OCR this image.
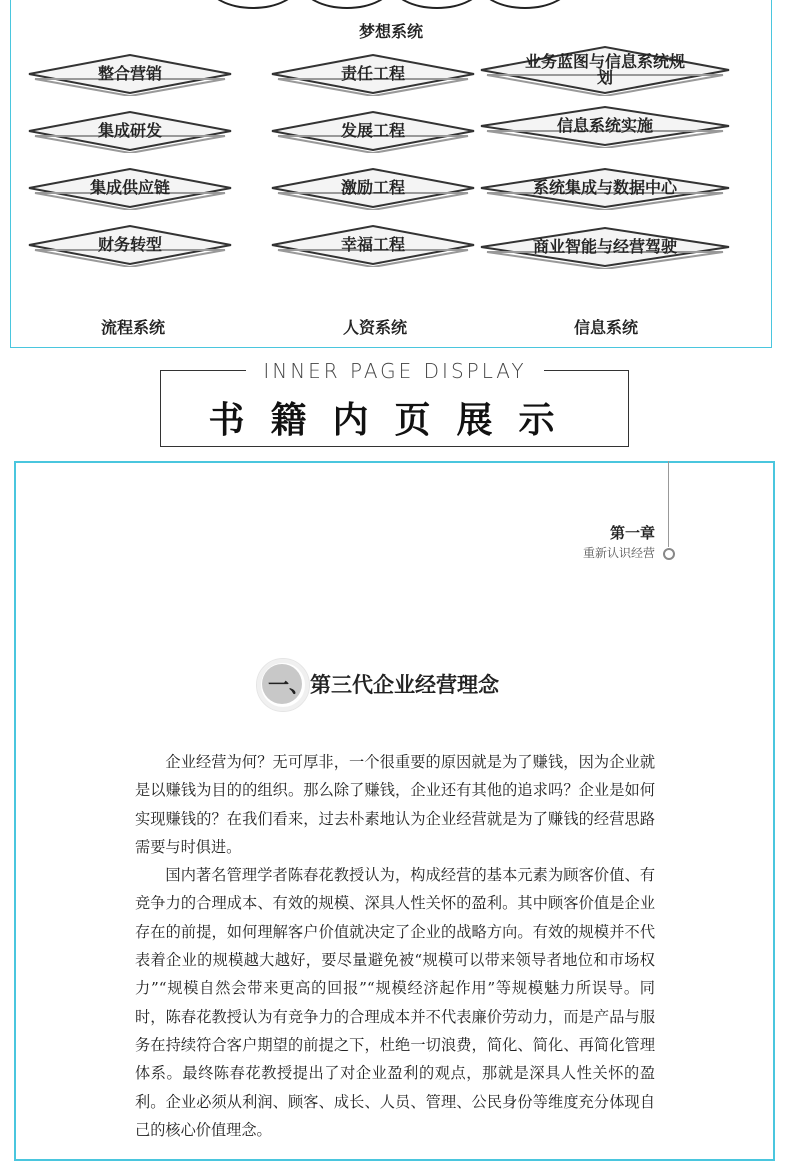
梦想系统
整合营销
集成研发
集成供应链
财务转型
责任工程
发展工程
激励工程
幸福工程
业务蓝图与信息系统规划
信息系统实施
系统集成与数据中心
商业智能与经营驾驶
流程系统	人资系统	信息系统
INNER PAGE DISPLAY
书籍内页展示
第一章
重新认识经营
一、第三代企业经营理念

企业经营为何？无可厚非，一个很重要的原因就是为了赚钱，因为企业就是以赚钱为目的的组织。那么除了赚钱，企业还有其他的追求吗？企业是如何实现赚钱的？在我们看来，过去朴素地认为企业经营就是为了赚钱的经营思路需要与时俱进。

国内著名管理学者陈春花教授认为，构成经营的基本元素为顾客价值、有竞争力的合理成本、有效的规模、深具人性关怀的盈利。其中顾客价值是企业存在的前提，如何理解客户价值就决定了企业的战略方向。有效的规模并不代表着企业的规模越大越好，要尽量避免被“规模可以带来领导者地位和市场权力”“规模自然会带来更高的回报”“规模经济起作用”等规模魅力所误导。同时，陈春花教授认为有竞争力的合理成本并不代表廉价劳动力，而是产品与服务在持续符合客户期望的前提之下，杜绝一切浪费，简化、简化、再简化管理体系。最终陈春花教授提出了对企业盈利的观点，那就是深具人性关怀的盈利。企业必须从利润、顾客、成长、人员、管理、公民身份等维度充分体现自己的核心价值理念。
